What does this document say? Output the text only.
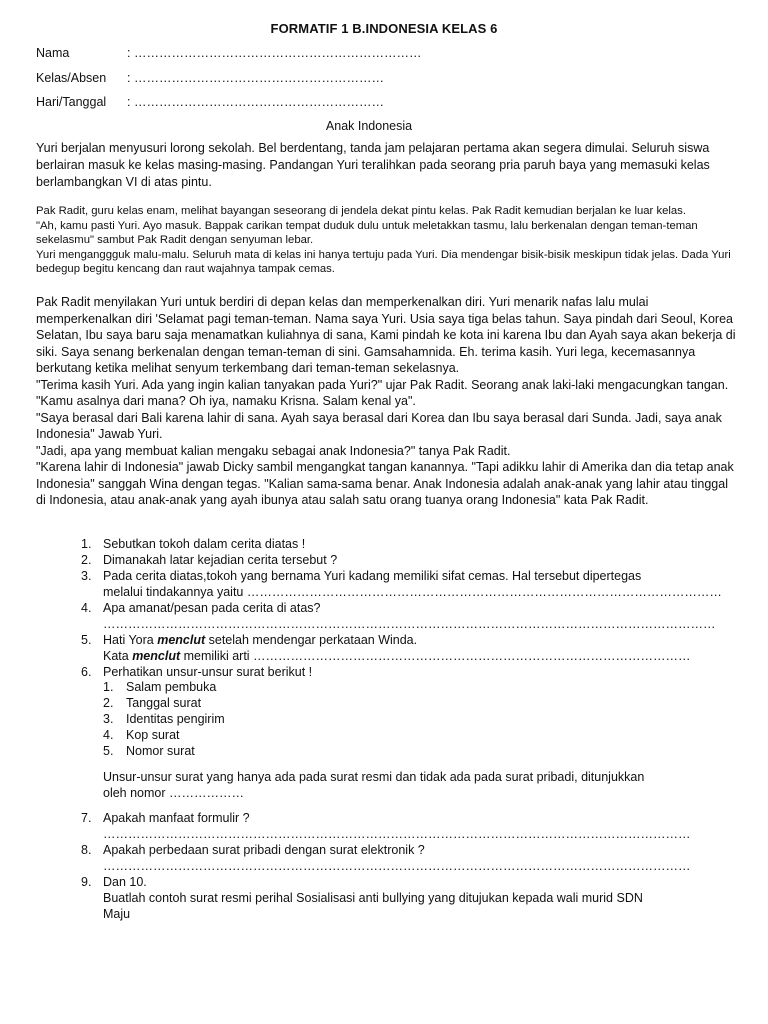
FORMATIF 1 B.INDONESIA KELAS 6
Nama	: ……………………………………………………………
Kelas/Absen : ……………………………………………………
Hari/Tanggal : ……………………………………………………
Anak Indonesia

Yuri berjalan menyusuri lorong sekolah. Bel berdentang, tanda jam pelajaran pertama akan segera dimulai. Seluruh siswa berlairan masuk ke kelas masing-masing. Pandangan Yuri teralihkan pada seorang pria paruh baya yang memasuki kelas berlambangkan VI di atas pintu.

Pak Radit, guru kelas enam, melihat bayangan seseorang di jendela dekat pintu kelas. Pak Radit kemudian berjalan ke luar kelas.
"Ah, kamu pasti Yuri. Ayo masuk. Bappak carikan tempat duduk dulu untuk meletakkan tasmu, lalu berkenalan dengan teman-teman sekelasmu" sambut Pak Radit dengan senyuman lebar.
Yuri menganggguk malu-malu. Seluruh mata di kelas ini hanya tertuju pada Yuri. Dia mendengar bisik-bisik meskipun tidak jelas. Dada Yuri bedegup begitu kencang dan raut wajahnya tampak cemas.
Pak Radit menyilakan Yuri untuk berdiri di depan kelas dan memperkenalkan diri. Yuri menarik nafas lalu mulai memperkenalkan diri 'Selamat pagi teman-teman. Nama saya Yuri. Usia saya tiga belas tahun. Saya pindah dari Seoul, Korea Selatan, Ibu saya baru saja menamatkan kuliahnya di sana, Kami pindah ke kota ini karena Ibu dan Ayah saya akan bekerja di siki. Saya senang berkenalan dengan teman-teman di sini. Gamsahamnida. Eh. terima kasih. Yuri lega, kecemasannya berkutang ketika melihat senyum terkembang dari teman-teman sekelasnya.
"Terima kasih Yuri. Ada yang ingin kalian tanyakan pada Yuri?" ujar Pak Radit. Seorang anak laki-laki mengacungkan tangan. "Kamu asalnya dari mana? Oh iya, namaku Krisna. Salam kenal ya".
"Saya berasal dari Bali karena lahir di sana. Ayah saya berasal dari Korea dan Ibu saya berasal dari Sunda. Jadi, saya anak Indonesia" Jawab Yuri.
"Jadi, apa yang membuat kalian mengaku sebagai anak Indonesia?" tanya Pak Radit.
"Karena lahir di Indonesia" jawab Dicky sambil mengangkat tangan kanannya. "Tapi adikku lahir di Amerika dan dia tetap anak Indonesia" sanggah Wina dengan tegas. "Kalian sama-sama benar. Anak Indonesia adalah anak-anak yang lahir atau tinggal di Indonesia, atau anak-anak yang ayah ibunya atau salah satu orang tuanya orang Indonesia" kata Pak Radit.
1. Sebutkan tokoh dalam cerita diatas !
2. Dimanakah latar kejadian cerita tersebut ?
3. Pada cerita diatas,tokoh yang bernama Yuri kadang memiliki sifat cemas. Hal tersebut dipertegas
melalui tindakannya yaitu ……………………………………………………………………………………………………
4. Apa amanat/pesan pada cerita di atas?
…………………………………………………………………………………………………………………………………
5. Hati Yora menclut setelah mendengar perkataan Winda.
Kata menclut memiliki arti ……………………………………………………………………………………………
6. Perhatikan unsur-unsur surat berikut !
1. Salam pembuka
2. Tanggal surat
3. Identitas pengirim
4. Kop surat
5. Nomor surat
Unsur-unsur surat yang hanya ada pada surat resmi dan tidak ada pada surat pribadi, ditunjukkan
oleh nomor ………………
7. Apakah manfaat formulir ?
……………………………………………………………………………………………………………………………
8. Apakah perbedaan surat pribadi dengan surat elektronik ?
……………………………………………………………………………………………………………………………
9. Dan 10.
Buatlah contoh surat resmi perihal Sosialisasi anti bullying yang ditujukan kepada wali murid SDN
Maju
